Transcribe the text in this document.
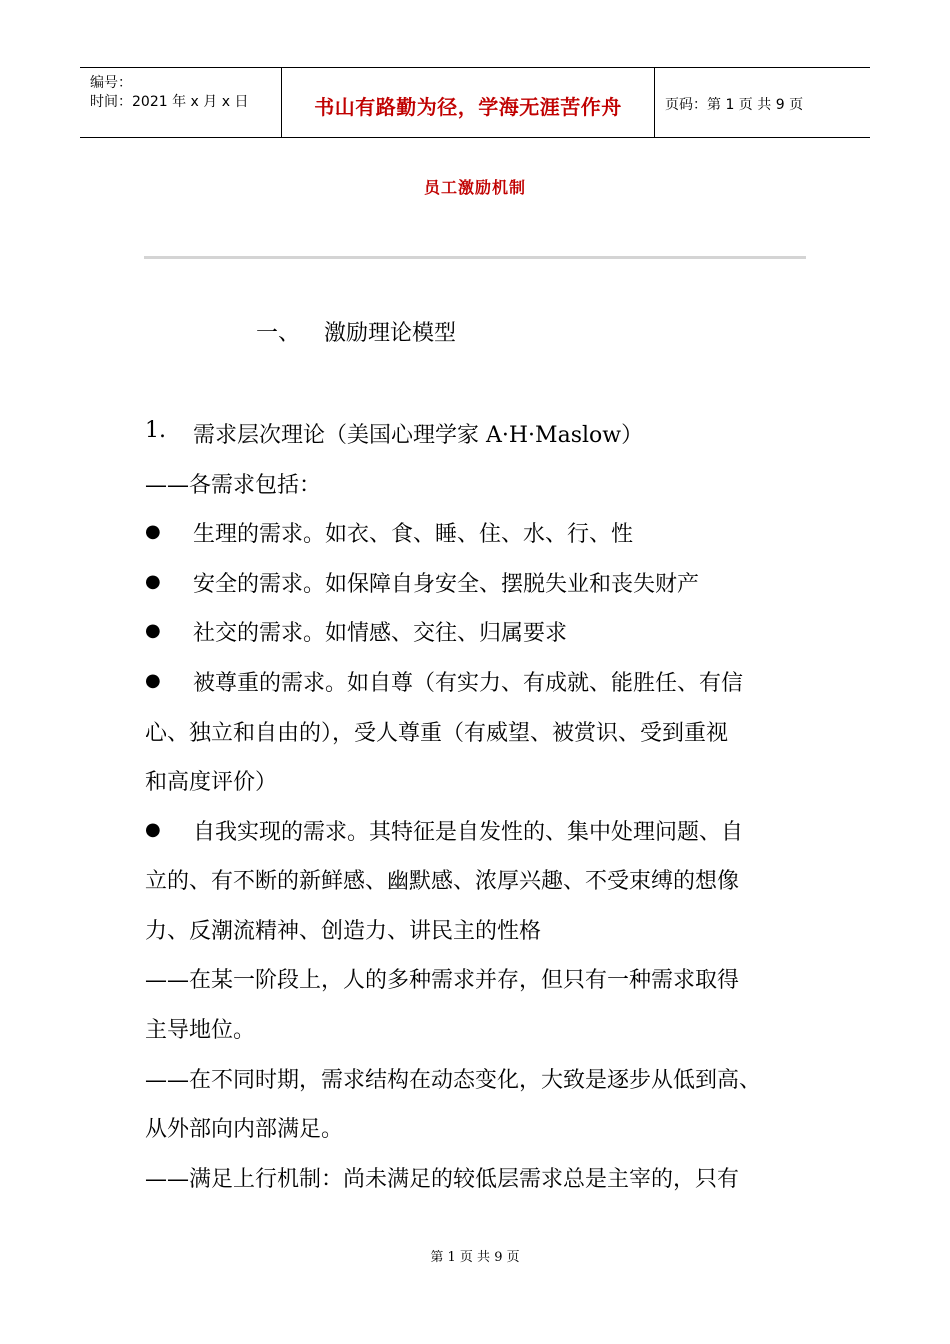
编号：
时间：2021 年 x 月 x 日	书山有路勤为径，学海无涯苦作舟	页码：第 1 页 共 9 页
员工激励机制
一、 激励理论模型
1. 需求层次理论（美国心理学家 A·H·Maslow）
——各需求包括：
● 生理的需求。如衣、食、睡、住、水、行、性
● 安全的需求。如保障自身安全、摆脱失业和丧失财产
● 社交的需求。如情感、交往、归属要求
● 被尊重的需求。如自尊（有实力、有成就、能胜任、有信
心、独立和自由的），受人尊重（有威望、被赏识、受到重视
和高度评价）
● 自我实现的需求。其特征是自发性的、集中处理问题、自
立的、有不断的新鲜感、幽默感、浓厚兴趣、不受束缚的想像
力、反潮流精神、创造力、讲民主的性格
——在某一阶段上，人的多种需求并存，但只有一种需求取得
主导地位。
——在不同时期，需求结构在动态变化，大致是逐步从低到高、
从外部向内部满足。
——满足上行机制：尚未满足的较低层需求总是主宰的，只有
第 1 页 共 9 页
